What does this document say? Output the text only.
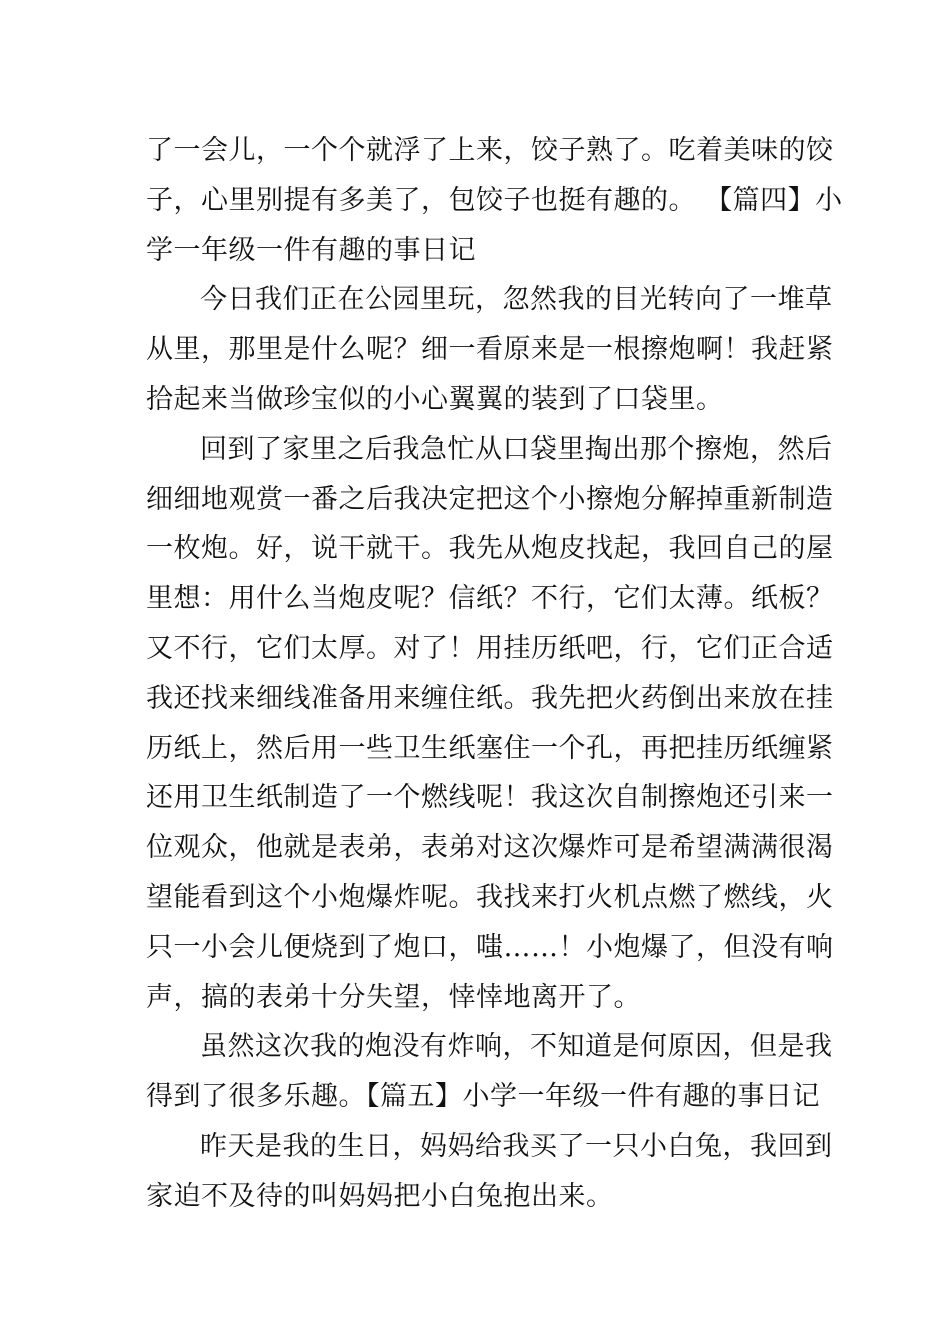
了一会儿，一个个就浮了上来，饺子熟了。吃着美味的饺
子，心里别提有多美了，包饺子也挺有趣的。 【篇四】小
学一年级一件有趣的事日记
今日我们正在公园里玩，忽然我的目光转向了一堆草
从里，那里是什么呢？细一看原来是一根擦炮啊！我赶紧
拾起来当做珍宝似的小心翼翼的装到了口袋里。
回到了家里之后我急忙从口袋里掏出那个擦炮，然后
细细地观赏一番之后我决定把这个小擦炮分解掉重新制造
一枚炮。好，说干就干。我先从炮皮找起，我回自己的屋
里想：用什么当炮皮呢？信纸？不行，它们太薄。纸板？
又不行，它们太厚。对了！用挂历纸吧，行，它们正合适
我还找来细线准备用来缠住纸。我先把火药倒出来放在挂
历纸上，然后用一些卫生纸塞住一个孔，再把挂历纸缠紧
还用卫生纸制造了一个燃线呢！我这次自制擦炮还引来一
位观众，他就是表弟，表弟对这次爆炸可是希望满满很渴
望能看到这个小炮爆炸呢。我找来打火机点燃了燃线，火
只一小会儿便烧到了炮口，嗤……！小炮爆了，但没有响
声，搞的表弟十分失望，悻悻地离开了。
虽然这次我的炮没有炸响，不知道是何原因，但是我
得到了很多乐趣。【篇五】小学一年级一件有趣的事日记
昨天是我的生日，妈妈给我买了一只小白兔，我回到
家迫不及待的叫妈妈把小白兔抱出来。
